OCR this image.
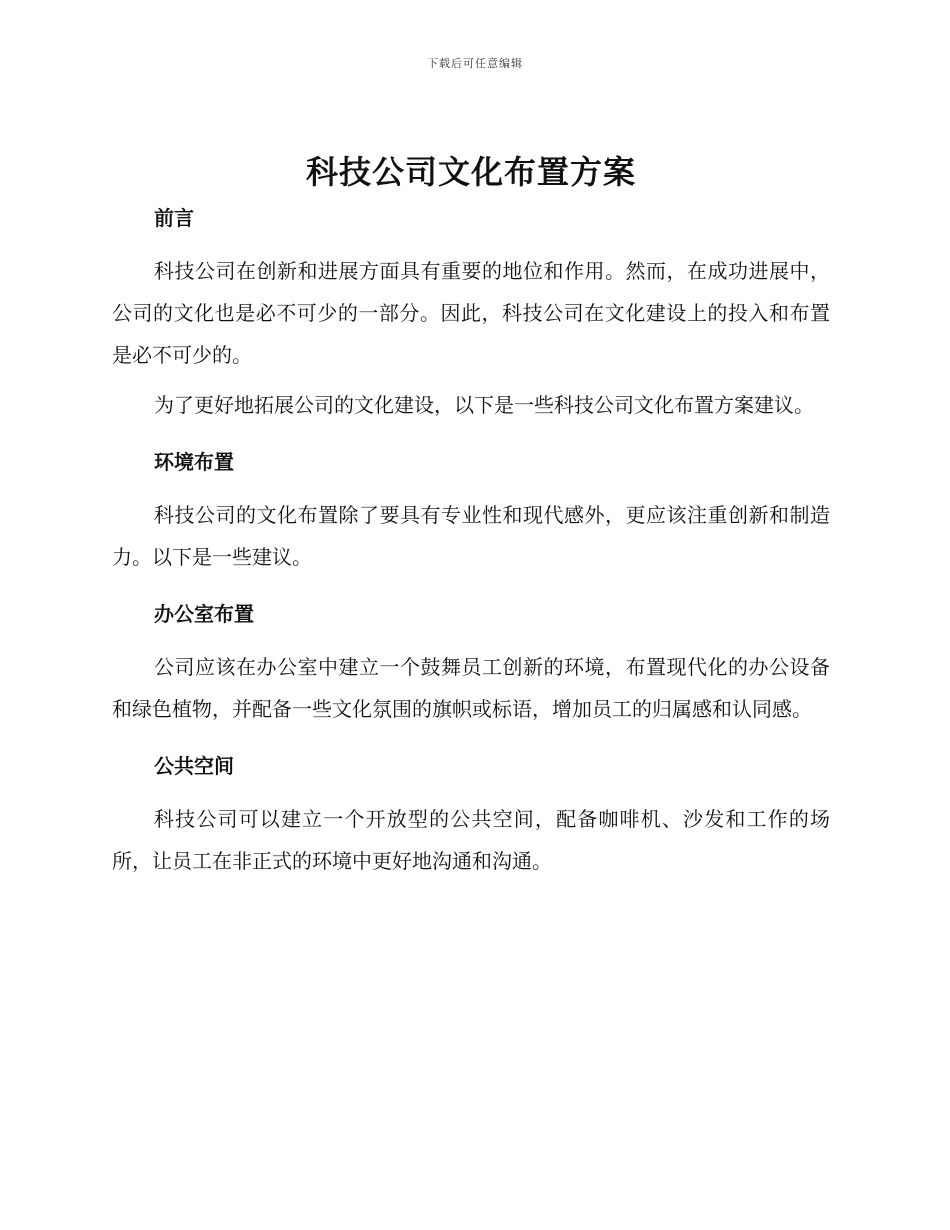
下载后可任意编辑
科技公司文化布置方案
前言

科技公司在创新和进展方面具有重要的地位和作用。然而，在成功进展中，公司的文化也是必不可少的一部分。因此，科技公司在文化建设上的投入和布置是必不可少的。

为了更好地拓展公司的文化建设，以下是一些科技公司文化布置方案建议。

环境布置

科技公司的文化布置除了要具有专业性和现代感外，更应该注重创新和制造力。以下是一些建议。

办公室布置

公司应该在办公室中建立一个鼓舞员工创新的环境，布置现代化的办公设备和绿色植物，并配备一些文化氛围的旗帜或标语，增加员工的归属感和认同感。

公共空间

科技公司可以建立一个开放型的公共空间，配备咖啡机、沙发和工作的场所，让员工在非正式的环境中更好地沟通和沟通。
